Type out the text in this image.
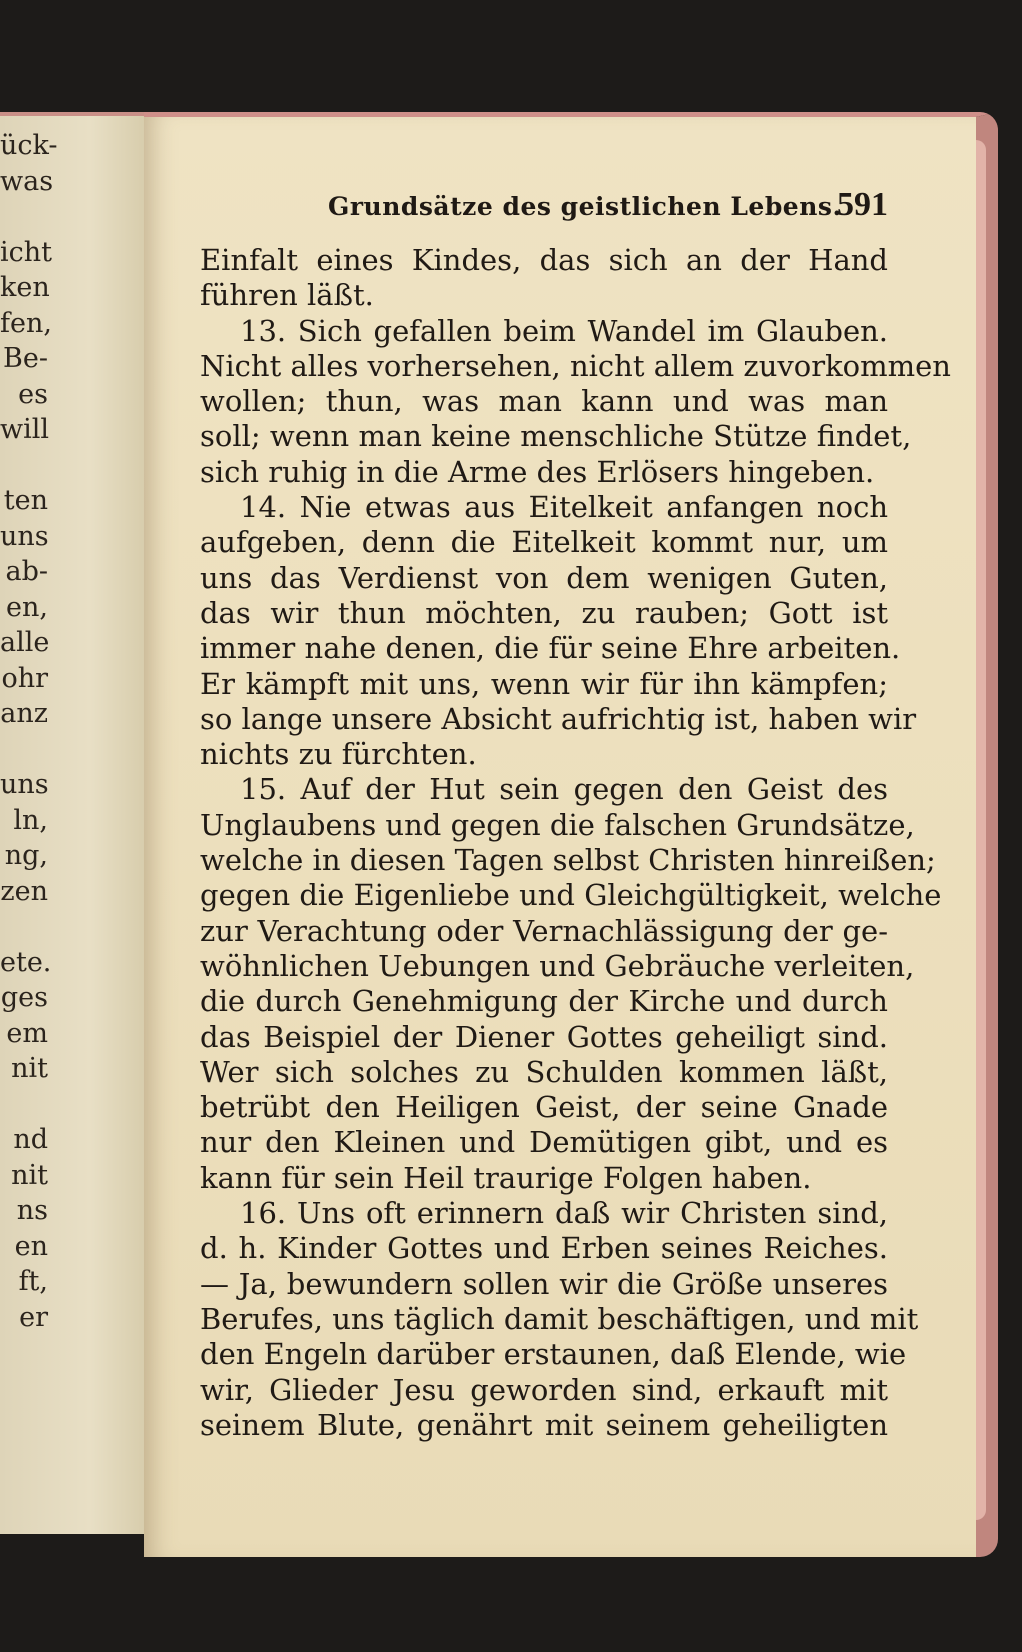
ück-
was
icht
ken
fen,
Be-
es
will
ten
uns
ab-
en,
alle
ohr
anz
uns
ln,
ng,
zen
ete.
ges
em
nit
nd
nit
ns
en
ft,
er
Grundsätze des geistlichen Lebens.
591
Einfalt eines Kindes, das sich an der Hand
führen läßt.
13. Sich gefallen beim Wandel im Glauben.
Nicht alles vorhersehen, nicht allem zuvorkommen
wollen; thun, was man kann und was man
soll; wenn man keine menschliche Stütze findet,
sich ruhig in die Arme des Erlösers hingeben.
14. Nie etwas aus Eitelkeit anfangen noch
aufgeben, denn die Eitelkeit kommt nur, um
uns das Verdienst von dem wenigen Guten,
das wir thun möchten, zu rauben; Gott ist
immer nahe denen, die für seine Ehre arbeiten.
Er kämpft mit uns, wenn wir für ihn kämpfen;
so lange unsere Absicht aufrichtig ist, haben wir
nichts zu fürchten.
15. Auf der Hut sein gegen den Geist des
Unglaubens und gegen die falschen Grundsätze,
welche in diesen Tagen selbst Christen hinreißen;
gegen die Eigenliebe und Gleichgültigkeit, welche
zur Verachtung oder Vernachlässigung der ge-
wöhnlichen Uebungen und Gebräuche verleiten,
die durch Genehmigung der Kirche und durch
das Beispiel der Diener Gottes geheiligt sind.
Wer sich solches zu Schulden kommen läßt,
betrübt den Heiligen Geist, der seine Gnade
nur den Kleinen und Demütigen gibt, und es
kann für sein Heil traurige Folgen haben.
16. Uns oft erinnern daß wir Christen sind,
d. h. Kinder Gottes und Erben seines Reiches.
— Ja, bewundern sollen wir die Größe unseres
Berufes, uns täglich damit beschäftigen, und mit
den Engeln darüber erstaunen, daß Elende, wie
wir, Glieder Jesu geworden sind, erkauft mit
seinem Blute, genährt mit seinem geheiligten
